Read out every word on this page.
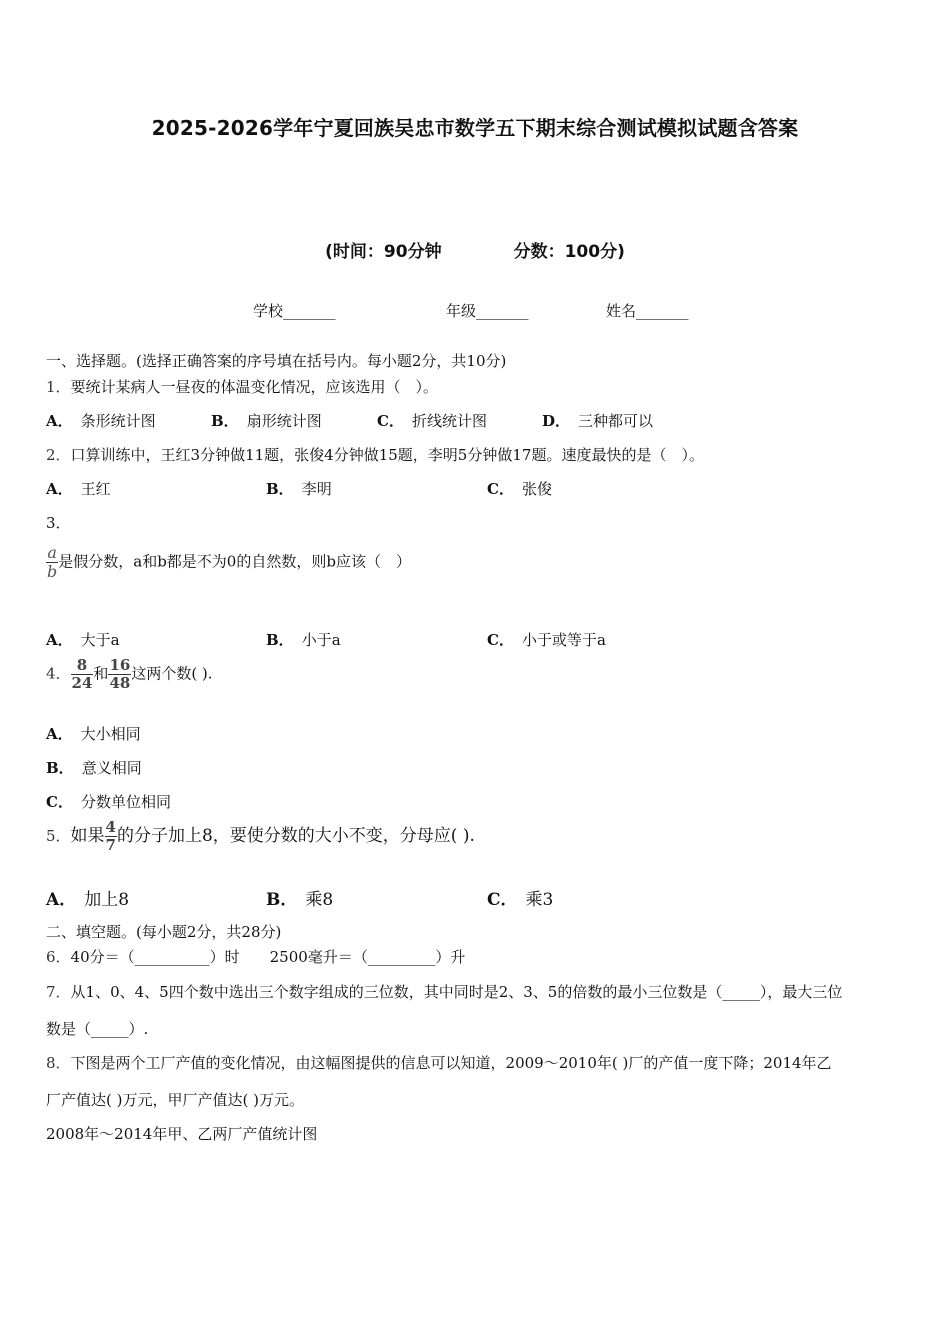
2025-2026学年宁夏回族吴忠市数学五下期末综合测试模拟试题含答案
(时间：90分钟	分数：100分)
学校_______	年级_______	姓名_______
一、选择题。(选择正确答案的序号填在括号内。每小题2分，共10分)
1．要统计某病人一昼夜的体温变化情况，应该选用（　）。
A． 条形统计图	B． 扇形统计图	C． 折线统计图	D． 三种都可以
2．口算训练中，王红3分钟做11题，张俊4分钟做15题，李明5分钟做17题。速度最快的是（　）。
A． 王红	B． 李明	C． 张俊
3．
$\frac{a}{b}$ 是假分数，a和b都是不为0的自然数，则b应该（　）
A． 大于a	B． 小于a	C． 小于或等于a
4． $\frac{8}{24}$ 和 $\frac{16}{48}$ 这两个数( ).
A． 大小相同
B． 意义相同
C． 分数单位相同
5．如果 $\frac{4}{7}$ 的分子加上8，要使分数的大小不变，分母应( ).
A． 加上8	B． 乘8	C． 乘3
二、填空题。(每小题2分，共28分)
6．40分＝（__________）时 2500毫升＝（_________）升
7．从1、0、4、5四个数中选出三个数字组成的三位数，其中同时是2、3、5的倍数的最小三位数是（_____），最大三位
数是（_____）.
8．下图是两个工厂产值的变化情况，由这幅图提供的信息可以知道，2009～2010年( )厂的产值一度下降；2014年乙
厂产值达( )万元，甲厂产值达( )万元。
2008年～2014年甲、乙两厂产值统计图
